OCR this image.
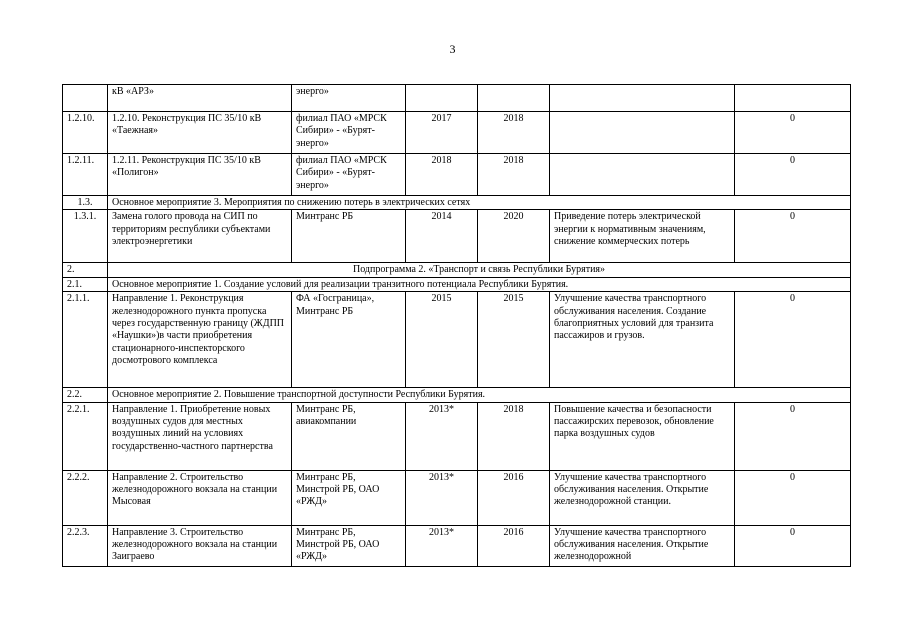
3
	кВ «АРЗ»	энерго»				
1.2.10.	1.2.10. Реконструкция ПС 35/10 кВ «Таежная»	филиал ПАО «МРСК Сибири» - «Бурят-энерго»	2017	2018		0
1.2.11.	1.2.11. Реконструкция ПС 35/10 кВ «Полигон»	филиал ПАО «МРСК Сибири» - «Бурят-энерго»	2018	2018		0
1.3.	Основное мероприятие 3. Мероприятия по снижению потерь в электрических сетях					
1.3.1.	Замена голого провода на СИП по территориям республики субъектами электроэнергетики	Минтранс РБ	2014	2020	Приведение потерь электрической энергии к нормативным значениям, снижение коммерческих потерь	0
2.	Подпрограмма 2. «Транспорт и связь Республики Бурятия»					
2.1.	Основное мероприятие 1. Создание условий для реализации транзитного потенциала Республики Бурятия.					
2.1.1.	Направление 1. Реконструкция железнодорожного пункта пропуска через государственную границу (ЖДПП «Наушки»)в части приобретения стационарного-инспекторского досмотрового комплекса	ФА «Госграница», Минтранс РБ	2015	2015	Улучшение качества транспортного обслуживания населения. Создание благоприятных условий для транзита пассажиров и грузов.	0
2.2.	Основное мероприятие 2. Повышение транспортной доступности Республики Бурятия.					
2.2.1.	Направление 1. Приобретение новых воздушных судов для местных воздушных линий на условиях государственно-частного партнерства	Минтранс РБ, авиакомпании	2013*	2018	Повышение качества и безопасности пассажирских перевозок, обновление парка воздушных судов	0
2.2.2.	Направление 2. Строительство железнодорожного вокзала на станции Мысовая	Минтранс РБ, Минстрой РБ, ОАО «РЖД»	2013*	2016	Улучшение качества транспортного обслуживания населения. Открытие железнодорожной станции.	0
2.2.3.	Направление 3. Строительство железнодорожного вокзала на станции Заиграево	Минтранс РБ, Минстрой РБ, ОАО «РЖД»	2013*	2016	Улучшение качества транспортного обслуживания населения. Открытие железнодорожной	0
